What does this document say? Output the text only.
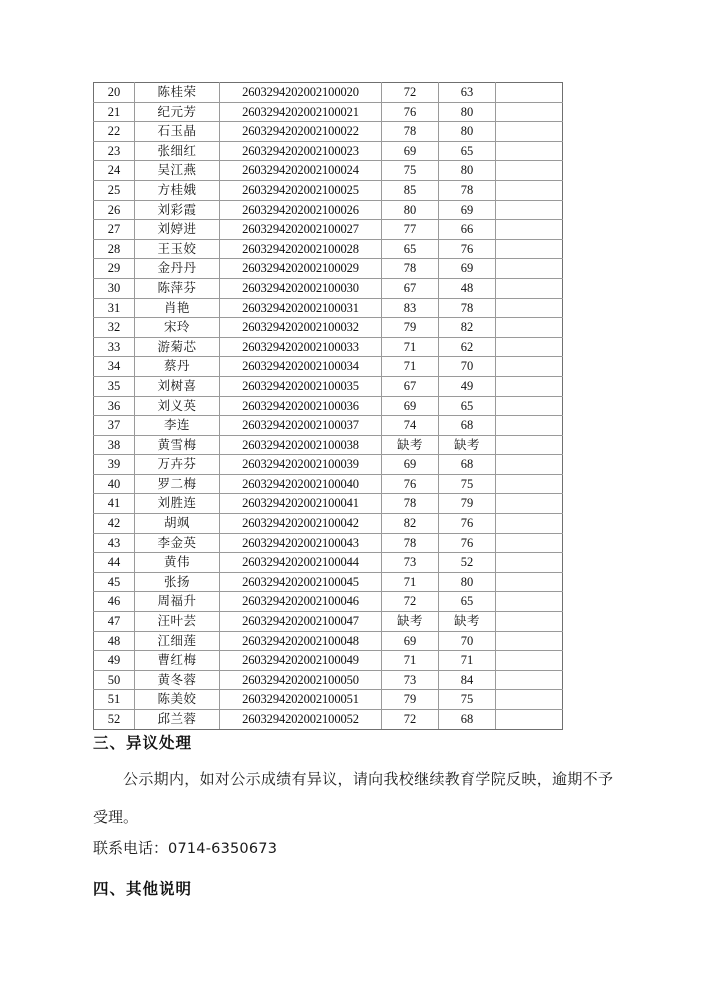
20	陈桂荣	2603294202002100020	72	63	
21	纪元芳	2603294202002100021	76	80	
22	石玉晶	2603294202002100022	78	80	
23	张细红	2603294202002100023	69	65	
24	吴江燕	2603294202002100024	75	80	
25	方桂娥	2603294202002100025	85	78	
26	刘彩霞	2603294202002100026	80	69	
27	刘婷进	2603294202002100027	77	66	
28	王玉姣	2603294202002100028	65	76	
29	金丹丹	2603294202002100029	78	69	
30	陈萍芬	2603294202002100030	67	48	
31	肖艳	2603294202002100031	83	78	
32	宋玲	2603294202002100032	79	82	
33	游菊芯	2603294202002100033	71	62	
34	蔡丹	2603294202002100034	71	70	
35	刘树喜	2603294202002100035	67	49	
36	刘义英	2603294202002100036	69	65	
37	李连	2603294202002100037	74	68	
38	黄雪梅	2603294202002100038	缺考	缺考	
39	万卉芬	2603294202002100039	69	68	
40	罗二梅	2603294202002100040	76	75	
41	刘胜连	2603294202002100041	78	79	
42	胡飒	2603294202002100042	82	76	
43	李金英	2603294202002100043	78	76	
44	黄伟	2603294202002100044	73	52	
45	张扬	2603294202002100045	71	80	
46	周福升	2603294202002100046	72	65	
47	汪叶芸	2603294202002100047	缺考	缺考	
48	江细莲	2603294202002100048	69	70	
49	曹红梅	2603294202002100049	71	71	
50	黄冬蓉	2603294202002100050	73	84	
51	陈美姣	2603294202002100051	79	75	
52	邱兰蓉	2603294202002100052	72	68	
三、异议处理
公示期内，如对公示成绩有异议，请向我校继续教育学院反映，逾期不予受理。
联系电话：0714-6350673
四、其他说明
